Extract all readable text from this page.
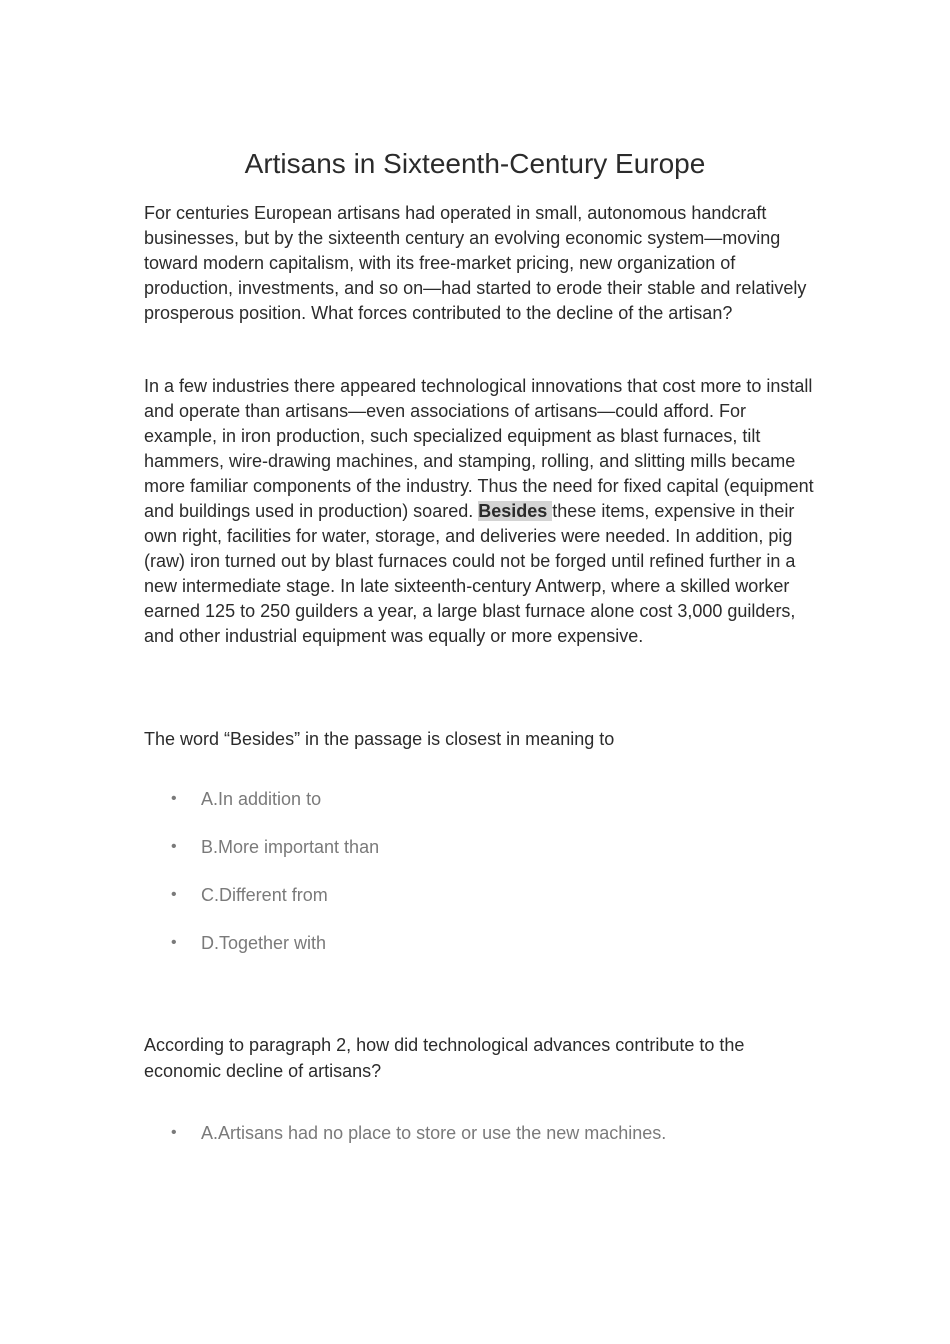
Artisans in Sixteenth-Century Europe

For centuries European artisans had operated in small, autonomous handcraft businesses, but by the sixteenth century an evolving economic system—moving toward modern capitalism, with its free-market pricing, new organization of production, investments, and so on—had started to erode their stable and relatively prosperous position. What forces contributed to the decline of the artisan?

In a few industries there appeared technological innovations that cost more to install and operate than artisans—even associations of artisans—could afford. For example, in iron production, such specialized equipment as blast furnaces, tilt hammers, wire-drawing machines, and stamping, rolling, and slitting mills became more familiar components of the industry. Thus the need for fixed capital (equipment and buildings used in production) soared. Besides these items, expensive in their own right, facilities for water, storage, and deliveries were needed. In addition, pig (raw) iron turned out by blast furnaces could not be forged until refined further in a new intermediate stage. In late sixteenth-century Antwerp, where a skilled worker earned 125 to 250 guilders a year, a large blast furnace alone cost 3,000 guilders, and other industrial equipment was equally or more expensive.

The word “Besides” in the passage is closest in meaning to

•	A.In addition to
•	B.More important than
•	C.Different from
•	D.Together with

According to paragraph 2, how did technological advances contribute to the economic decline of artisans?

•	A.Artisans had no place to store or use the new machines.
